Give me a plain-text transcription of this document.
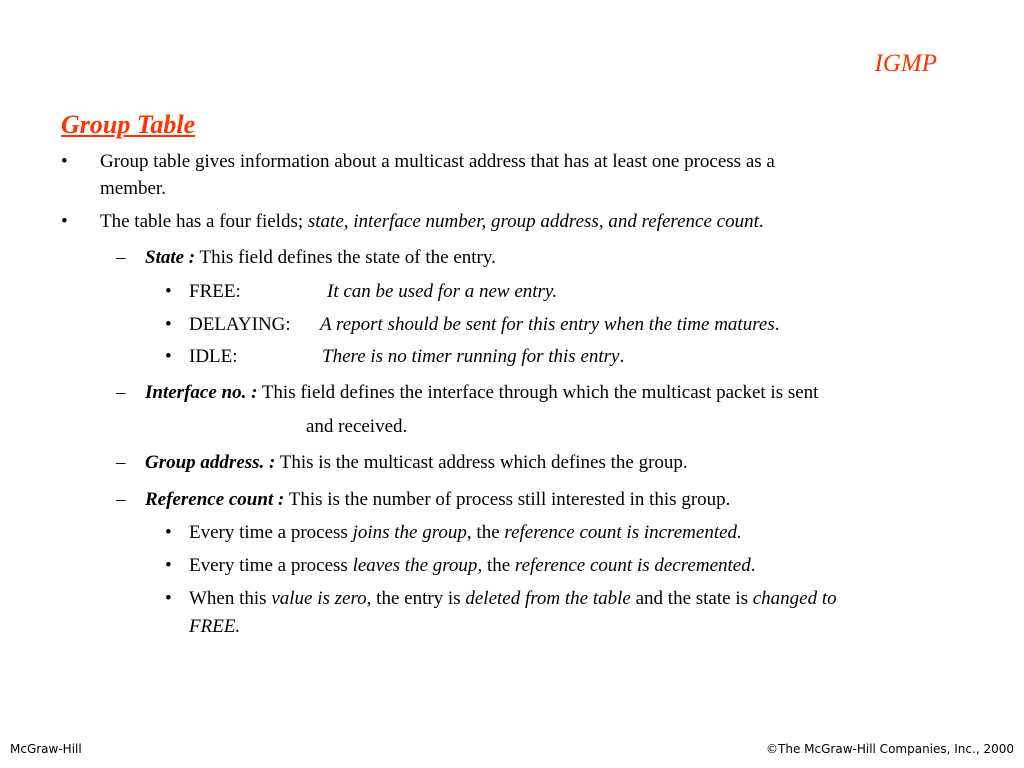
IGMP
Group Table
• Group table gives information about a multicast address that has at least one process as a
member.
• The table has a four fields; state, interface number, group address, and reference count.
– State : This field defines the state of the entry.
• FREE:	It can be used for a new entry.
• DELAYING: A report should be sent for this entry when the time matures.
• IDLE:	There is no timer running for this entry.
– Interface no. : This field defines the interface through which the multicast packet is sent
and received.
– Group address. : This is the multicast address which defines the group.
– Reference count : This is the number of process still interested in this group.
• Every time a process joins the group, the reference count is incremented.
• Every time a process leaves the group, the reference count is decremented.
• When this value is zero, the entry is deleted from the table and the state is changed to
FREE.
McGraw-Hill	©The McGraw-Hill Companies, Inc., 2000
